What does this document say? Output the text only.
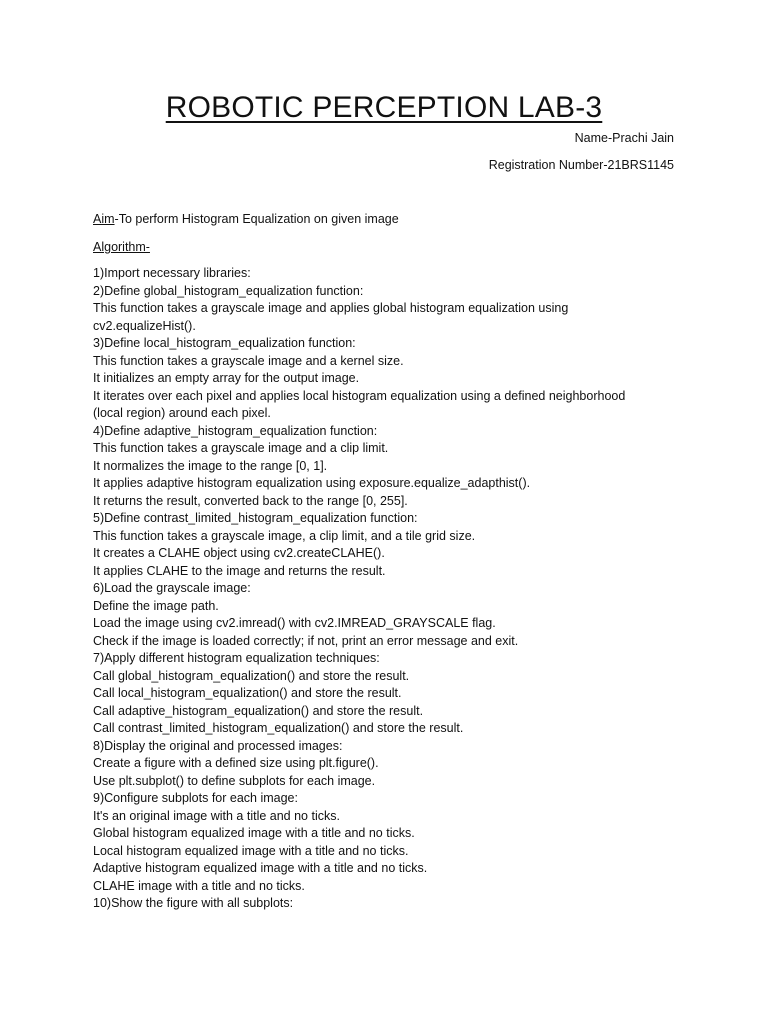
ROBOTIC PERCEPTION LAB-3
Name-Prachi Jain
Registration Number-21BRS1145
Aim-To perform Histogram Equalization on given image
Algorithm-
1)Import necessary libraries:
2)Define global_histogram_equalization function:
This function takes a grayscale image and applies global histogram equalization using
cv2.equalizeHist().
3)Define local_histogram_equalization function:
This function takes a grayscale image and a kernel size.
It initializes an empty array for the output image.
It iterates over each pixel and applies local histogram equalization using a defined neighborhood
(local region) around each pixel.
4)Define adaptive_histogram_equalization function:
This function takes a grayscale image and a clip limit.
It normalizes the image to the range [0, 1].
It applies adaptive histogram equalization using exposure.equalize_adapthist().
It returns the result, converted back to the range [0, 255].
5)Define contrast_limited_histogram_equalization function:
This function takes a grayscale image, a clip limit, and a tile grid size.
It creates a CLAHE object using cv2.createCLAHE().
It applies CLAHE to the image and returns the result.
6)Load the grayscale image:
Define the image path.
Load the image using cv2.imread() with cv2.IMREAD_GRAYSCALE flag.
Check if the image is loaded correctly; if not, print an error message and exit.
7)Apply different histogram equalization techniques:
Call global_histogram_equalization() and store the result.
Call local_histogram_equalization() and store the result.
Call adaptive_histogram_equalization() and store the result.
Call contrast_limited_histogram_equalization() and store the result.
8)Display the original and processed images:
Create a figure with a defined size using plt.figure().
Use plt.subplot() to define subplots for each image.
9)Configure subplots for each image:
It's an original image with a title and no ticks.
Global histogram equalized image with a title and no ticks.
Local histogram equalized image with a title and no ticks.
Adaptive histogram equalized image with a title and no ticks.
CLAHE image with a title and no ticks.
10)Show the figure with all subplots:
